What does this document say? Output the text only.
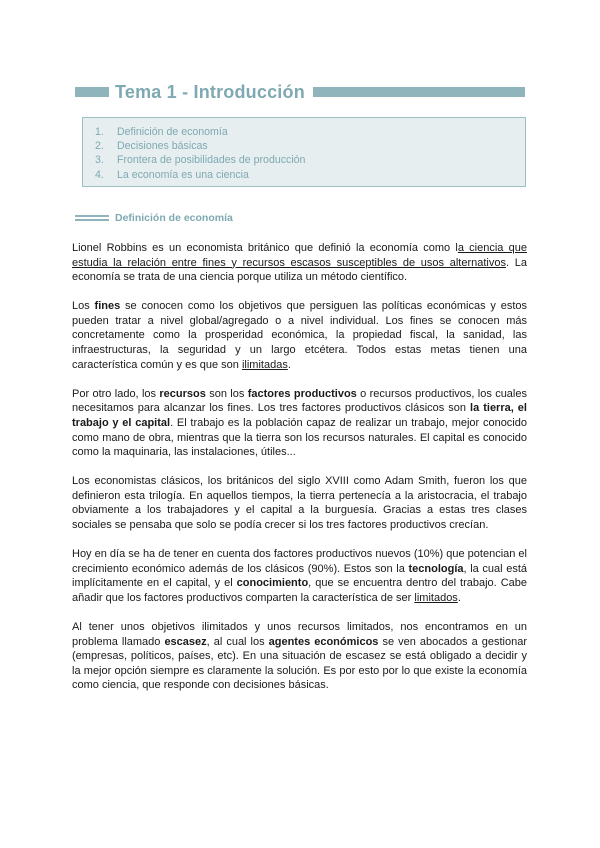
Tema 1 - Introducción
1.	Definición de economía
2.	Decisiones básicas
3.	Frontera de posibilidades de producción
4.	La economía es una ciencia
Definición de economía

Lionel Robbins es un economista británico que definió la economía como la ciencia que estudia la relación entre fines y recursos escasos susceptibles de usos alternativos. La economía se trata de una ciencia porque utiliza un método científico.

Los fines se conocen como los objetivos que persiguen las políticas económicas y estos pueden tratar a nivel global/agregado o a nivel individual. Los fines se conocen más concretamente como la prosperidad económica, la propiedad fiscal, la sanidad, las infraestructuras, la seguridad y un largo etcétera. Todos estas metas tienen una característica común y es que son ilimitadas.

Por otro lado, los recursos son los factores productivos o recursos productivos, los cuales necesitamos para alcanzar los fines. Los tres factores productivos clásicos son la tierra, el trabajo y el capital. El trabajo es la población capaz de realizar un trabajo, mejor conocido como mano de obra, mientras que la tierra son los recursos naturales. El capital es conocido como la maquinaria, las instalaciones, útiles...

Los economistas clásicos, los británicos del siglo XVIII como Adam Smith, fueron los que definieron esta trilogía. En aquellos tiempos, la tierra pertenecía a la aristocracia, el trabajo obviamente a los trabajadores y el capital a la burguesía. Gracias a estas tres clases sociales se pensaba que solo se podía crecer si los tres factores productivos crecían.

Hoy en día se ha de tener en cuenta dos factores productivos nuevos (10%) que potencian el crecimiento económico además de los clásicos (90%). Estos son la tecnología, la cual está implícitamente en el capital, y el conocimiento, que se encuentra dentro del trabajo. Cabe añadir que los factores productivos comparten la característica de ser limitados.

Al tener unos objetivos ilimitados y unos recursos limitados, nos encontramos en un problema llamado escasez, al cual los agentes económicos se ven abocados a gestionar (empresas, políticos, países, etc). En una situación de escasez se está obligado a decidir y la mejor opción siempre es claramente la solución. Es por esto por lo que existe la economía como ciencia, que responde con decisiones básicas.
